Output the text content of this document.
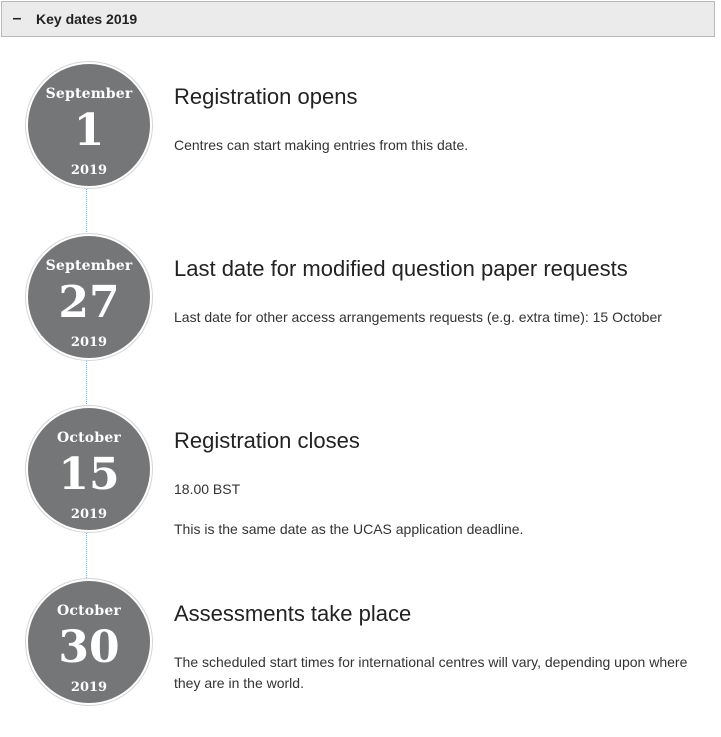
–	Key dates 2019
September
1
2019
Registration opens

Centres can start making entries from this date.

September
27
2019
Last date for modified question paper requests

Last date for other access arrangements requests (e.g. extra time): 15 October

October
15
2019
Registration closes

18.00 BST

This is the same date as the UCAS application deadline.

October
30
2019
Assessments take place

The scheduled start times for international centres will vary, depending upon where they are in the world.
